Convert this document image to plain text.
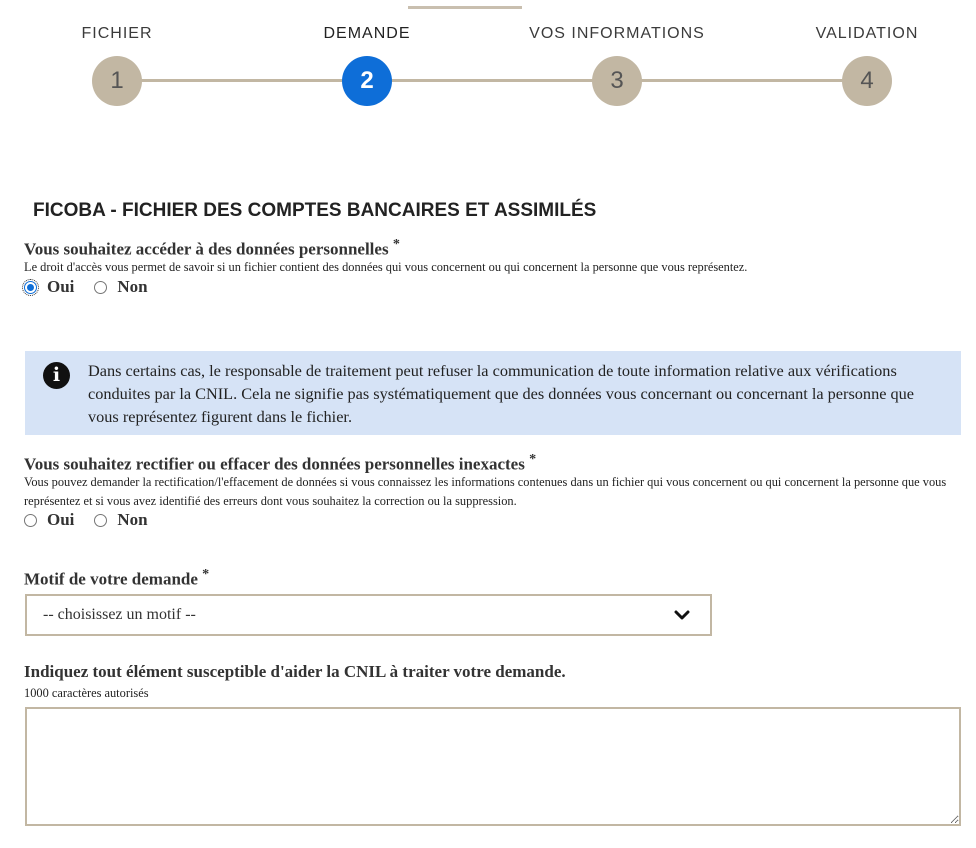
FICHIER
1
DEMANDE
2
VOS INFORMATIONS
3
VALIDATION
4
FICOBA - FICHIER DES COMPTES BANCAIRES ET ASSIMILÉS

Vous souhaitez accéder à des données personnelles *

Le droit d'accès vous permet de savoir si un fichier contient des données qui vous concernent ou qui concernent la personne que vous représentez.
Oui	Non
i	Dans certains cas, le responsable de traitement peut refuser la communication de toute information relative aux vérifications conduites par la CNIL. Cela ne signifie pas systématiquement que des données vous concernant ou concernant la personne que vous représentez figurent dans le fichier.

Vous souhaitez rectifier ou effacer des données personnelles inexactes *

Vous pouvez demander la rectification/l'effacement de données si vous connaissez les informations contenues dans un fichier qui vous concernent ou qui concernent la personne que vous représentez et si vous avez identifié des erreurs dont vous souhaitez la correction ou la suppression.
Oui	Non

Motif de votre demande *

-- choisissez un motif --

Indiquez tout élément susceptible d'aider la CNIL à traiter votre demande.

1000 caractères autorisés
